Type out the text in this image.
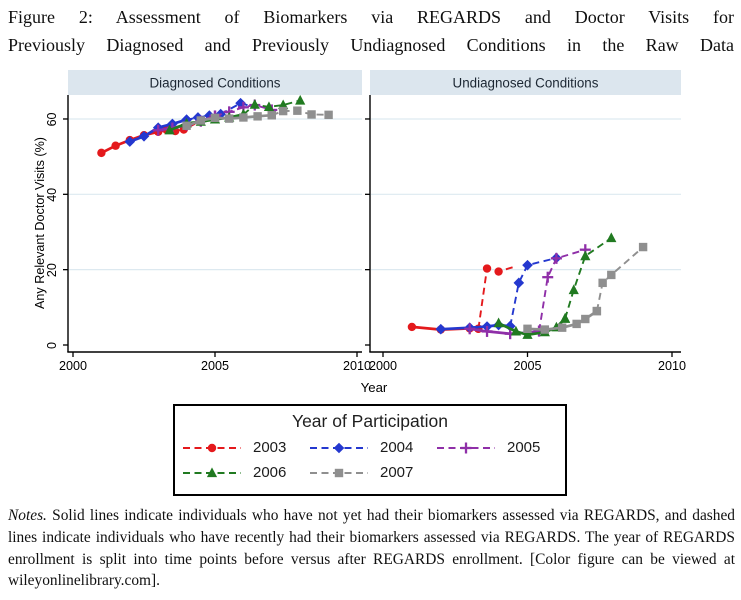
Figure 2: Assessment of Biomarkers via REGARDS and Doctor Visits for
Previously Diagnosed and Previously Undiagnosed Conditions in the Raw Data
Diagnosed Conditions
0
20
40
60
2000	2005	2010
Undiagnosed Conditions
2000	2005	2010
Any Relevant Doctor Visits (%)
Year
Year of Participation
2003	2004	2005
2006	2007
Notes. Solid lines indicate individuals who have not yet had their biomarkers assessed via REGARDS, and dashed lines indicate individuals who have recently had their biomarkers assessed via REGARDS. The year of REGARDS enrollment is split into time points before versus after REGARDS enrollment. [Color figure can be viewed at wileyonlinelibrary.com].
